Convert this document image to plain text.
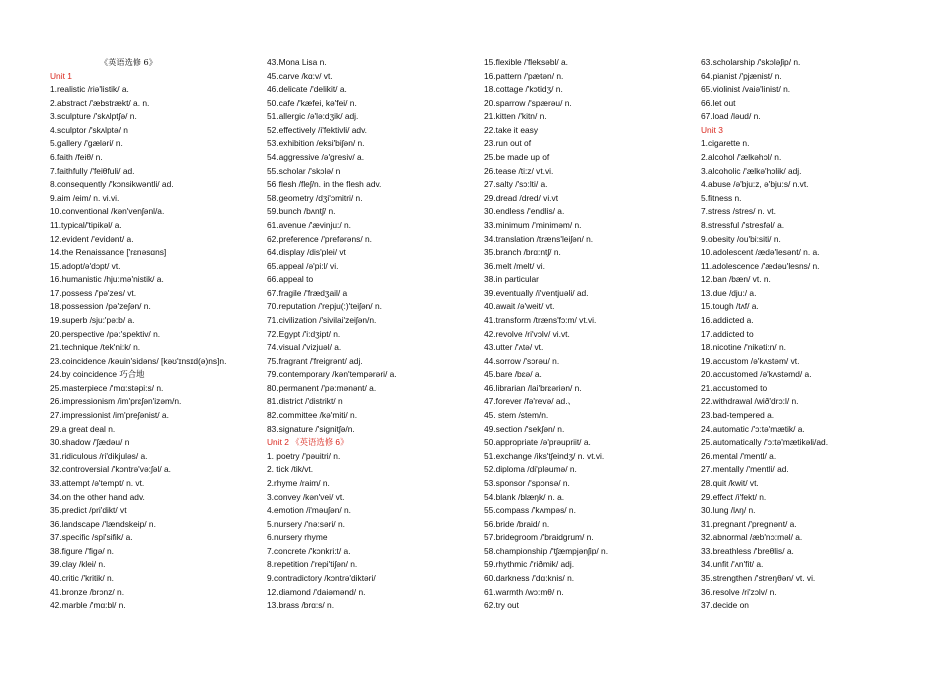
《英语选修 6》
Unit 1
1.realistic /riə'listik/ a.
2.abstract /'æbstrækt/ a. n.
3.sculpture /'skʌlptʃə/ n.
4.sculptor /'skʌlptə/ n
5.gallery /'gæləri/ n.
6.faith /feiθ/ n.
7.faithfully /'feiθfuli/ ad.
8.consequently /'kɔnsikwəntli/ ad.
9.aim /eim/ n. vi.vi.
10.conventional /kən'venʃənl/a.
11.typical/'tipikəl/ a.
12.evident /'evidənt/ a.
14.the Renaissance ['rɛnəsɑns]
15.adopt/ə'dɔpt/ vt.
16.humanistic /hju:mə'nistik/ a.
17.possess /'pə'zes/ vt.
18.possession /pə'zeʃən/ n.
19.superb /sju:'pə:b/ a.
20.perspective /pə:'spektiv/ n.
21.technique /tek'ni:k/ n.
23.coincidence /kəuin'sidəns/ [kəʊ'ɪnsɪd(ə)ns]n.
24.by coincidence 巧合地
25.masterpiece /'mɑ:stəpi:s/ n.
26.impressionism /im'prɛʃən'izəm/n.
27.impressionist /im'preʃənist/ a.
29.a great deal n.
30.shadow /'ʃædəu/ n
31.ridiculous /ri'dikjuləs/ a.
32.controversial /'kɔntrə'və:ʃəl/ a.
33.attempt /ə'tempt/ n. vt.
34.on the other hand adv.
35.predict /pri'dikt/ vt
36.landscape /'lændskeip/ n.
37.specific /spi'sifik/ a.
38.figure /'figə/ n.
39.clay /klei/ n.
40.critic /'kritik/ n.
41.bronze /brɔnz/ n.
42.marble /'mɑ:bl/ n.
43.Mona Lisa n.
45.carve /kɑ:v/ vt.
46.delicate /'delikit/ a.
50.cafe /'kæfei, kə'fei/ n.
51.allergic /ə'lə:dʒik/ adj.
52.effectively /i'fektivli/ adv.
53.exhibition /eksi'biʃən/ n.
54.aggressive /ə'gresiv/ a.
55.scholar /'skɔlə/ n
56 flesh /fleʃ/n. in the flesh adv.
58.geometry /dʒi'ɔmitri/ n.
59.bunch /bʌntʃ/ n.
61.avenue /'ævinju:/ n.
62.preference /'prefərəns/ n.
64.display /dis'plei/ vt
65.appeal /ə'pi:l/ vi.
66.appeal to
67.fragile /'frædʒail/ a
70.reputation /'repju(:)'teiʃən/ n.
71.civilization /'sivilai'zeiʃən/n.
72.Egypt /'i:dʒipt/ n.
74.visual /'vizjuəl/ a.
75.fragrant /'freigrənt/ adj.
79.contemporary /kən'tempərəri/ a.
80.permanent /'pə:mənənt/ a.
81.district /'distrikt/ n
82.committee /kə'miti/ n.
83.signature /'signitʃə/n.
Unit 2 《英语选修 6》
1. poetry /'pəuitri/ n.
2. tick /tik/vt.
2.rhyme /raim/ n.
3.convey /kən'vei/ vt.
4.emotion /i'məuʃən/ n.
5.nursery /'nə:səri/ n.
6.nursery rhyme
7.concrete /'kɔnkri:t/ a.
8.repetition /'repi'tiʃən/ n.
9.contradictory /kɔntrə'diktəri/
12.diamond /'daiəmənd/ n.
13.brass /brɑ:s/ n.
15.flexible /'fleksəbl/ a.
16.pattern /'pætən/ n.
18.cottage /'kɔtidʒ/ n.
20.sparrow /'spærəu/ n.
21.kitten /'kitn/ n.
22.take it easy
23.run out of
25.be made up of
26.tease /ti:z/ vt.vi.
27.salty /'sɔ:lti/ a.
29.dread /dred/ vi.vt
30.endless /'endlis/ a.
33.minimum /'miniməm/ n.
34.translation /træns'leiʃən/ n.
35.branch /brɑ:ntʃ/ n.
36.melt /melt/ vi.
38.in particular
39.eventually /i'ventjuəli/ ad.
40.await /ə'weit/ vt.
41.transform /træns'fɔ:m/ vt.vi.
42.revolve /ri'vɔlv/ vi.vt.
43.utter /'ʌtə/ vt.
44.sorrow /'sɔrəu/ n.
45.bare /bɛə/ a.
46.librarian /lai'brɛəriən/ n.
47.forever /fə'revə/ ad.、
45. stem /stem/n.
49.section /'sekʃən/ n.
50.appropriate /ə'prəupriit/ a.
51.exchange /iks'tʃeindʒ/ n. vt.vi.
52.diploma /di'pləumə/ n.
53.sponsor /'spɔnsə/ n.
54.blank /blæŋk/ n. a.
55.compass /'kʌmpəs/ n.
56.bride /braid/ n.
57.bridegroom /'braidgrum/ n.
58.championship /'tʃæmpjənʃip/ n.
59.rhythmic /'riðmik/ adj.
60.darkness /'dɑ:knis/ n.
61.warmth /wɔ:mθ/ n.
62.try out
63.scholarship /'skɔləʃip/ n.
64.pianist /'pjænist/ n.
65.violinist /vaiə'linist/ n.
66.let out
67.load /ləud/ n.
Unit 3
1.cigarette n.
2.alcohol /'ælkəhɔl/ n.
3.alcoholic /'ælkə'hɔlik/ adj.
4.abuse /ə'bju:z, ə'bju:s/ n.vt.
5.fitness n.
7.stress /stres/ n. vt.
8.stressful /'stresfəl/ a.
9.obesity /ou'bi:siti/ n.
10.adolescent /ædə'lesənt/ n. a.
11.adolescence /'ædəu'lesns/ n.
12.ban /bæn/ vt. n.
13.due /dju:/ a.
15.tough /tʌf/ a.
16.addicted a.
17.addicted to
18.nicotine /'nikəti:n/ n.
19.accustom /ə'kʌstəm/ vt.
20.accustomed /ə'kʌstəmd/ a.
21.accustomed to
22.withdrawal /wið'drɔ:l/ n.
23.bad-tempered a.
24.automatic /'ɔ:tə'mætik/ a.
25.automatically /'ɔ:tə'mætikəli/ad.
26.mental /'mentl/ a.
27.mentally /'mentli/ ad.
28.quit /kwit/ vt.
29.effect /i'fekt/ n.
30.lung /lʌŋ/ n.
31.pregnant /'pregnənt/ a.
32.abnormal /æb'nɔ:məl/ a.
33.breathless /'breθlis/ a.
34.unfit /'ʌn'fit/ a.
35.strengthen /'streŋθən/ vt. vi.
36.resolve /ri'zɔlv/ n.
37.decide on
